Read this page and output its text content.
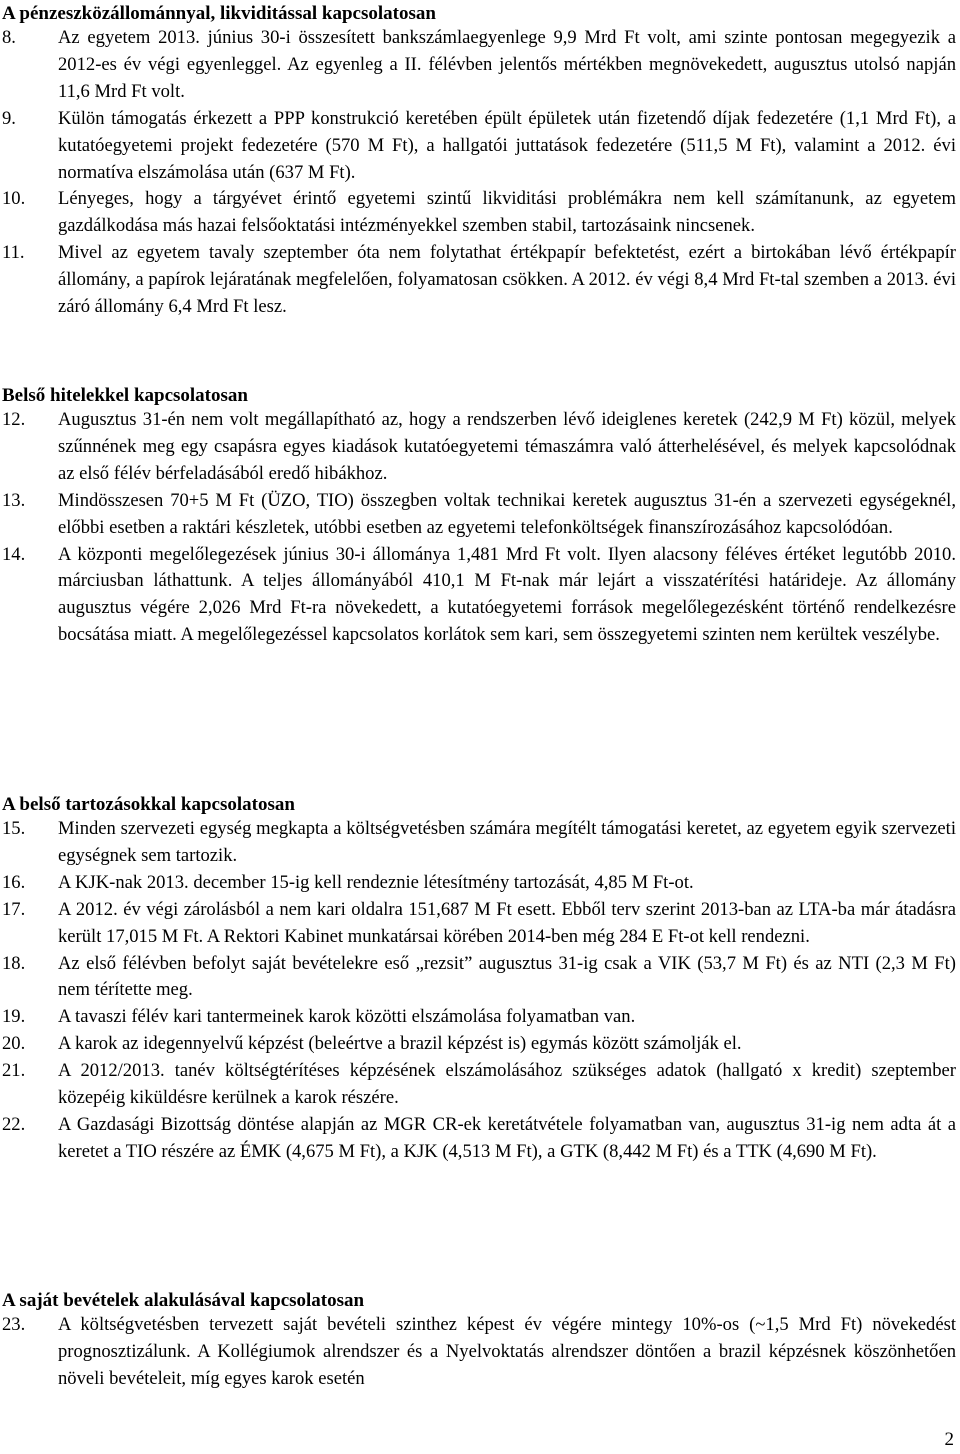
A pénzeszközállománnyal, likviditással kapcsolatosan
8.	Az egyetem 2013. június 30-i összesített bankszámlaegyenlege 9,9 Mrd Ft volt, ami szinte pontosan megegyezik a 2012-es év végi egyenleggel. Az egyenleg a II. félévben jelentős mértékben megnövekedett, augusztus utolsó napján 11,6 Mrd Ft volt.
9.	Külön támogatás érkezett a PPP konstrukció keretében épült épületek után fizetendő díjak fedezetére (1,1 Mrd Ft), a kutatóegyetemi projekt fedezetére (570 M Ft), a hallgatói juttatások fedezetére (511,5 M Ft), valamint a 2012. évi normatíva elszámolása után (637 M Ft).
10.	Lényeges, hogy a tárgyévet érintő egyetemi szintű likviditási problémákra nem kell számítanunk, az egyetem gazdálkodása más hazai felsőoktatási intézményekkel szemben stabil, tartozásaink nincsenek.
11.	Mivel az egyetem tavaly szeptember óta nem folytathat értékpapír befektetést, ezért a birtokában lévő értékpapír állomány, a papírok lejáratának megfelelően, folyamatosan csökken. A 2012. év végi 8,4 Mrd Ft-tal szemben a 2013. évi záró állomány 6,4 Mrd Ft lesz.
Belső hitelekkel kapcsolatosan
12.	Augusztus 31-én nem volt megállapítható az, hogy a rendszerben lévő ideiglenes keretek (242,9 M Ft) közül, melyek szűnnének meg egy csapásra egyes kiadások kutatóegyetemi témaszámra való átterhelésével, és melyek kapcsolódnak az első félév bérfeladásából eredő hibákhoz.
13.	Mindösszesen 70+5 M Ft (ÜZO, TIO) összegben voltak technikai keretek augusztus 31-én a szervezeti egységeknél, előbbi esetben a raktári készletek, utóbbi esetben az egyetemi telefonköltségek finanszírozásához kapcsolódóan.
14.	A központi megelőlegezések június 30-i állománya 1,481 Mrd Ft volt. Ilyen alacsony féléves értéket legutóbb 2010. márciusban láthattunk. A teljes állományából 410,1 M Ft-nak már lejárt a visszatérítési határideje. Az állomány augusztus végére 2,026 Mrd Ft-ra növekedett, a kutatóegyetemi források megelőlegezésként történő rendelkezésre bocsátása miatt. A megelőlegezéssel kapcsolatos korlátok sem kari, sem összegyetemi szinten nem kerültek veszélybe.
A belső tartozásokkal kapcsolatosan
15.	Minden szervezeti egység megkapta a költségvetésben számára megítélt támogatási keretet, az egyetem egyik szervezeti egységnek sem tartozik.
16.	A KJK-nak 2013. december 15-ig kell rendeznie létesítmény tartozását, 4,85 M Ft-ot.
17.	A 2012. év végi zárolásból a nem kari oldalra 151,687 M Ft esett. Ebből terv szerint 2013-ban az LTA-ba már átadásra került 17,015 M Ft. A Rektori Kabinet munkatársai körében 2014-ben még 284 E Ft-ot kell rendezni.
18.	Az első félévben befolyt saját bevételekre eső „rezsit” augusztus 31-ig csak a VIK (53,7 M Ft) és az NTI (2,3 M Ft) nem térítette meg.
19.	A tavaszi félév kari tantermeinek karok közötti elszámolása folyamatban van.
20.	A karok az idegennyelvű képzést (beleértve a brazil képzést is) egymás között számolják el.
21.	A 2012/2013. tanév költségtérítéses képzésének elszámolásához szükséges adatok (hallgató x kredit) szeptember közepéig kiküldésre kerülnek a karok részére.
22.	A Gazdasági Bizottság döntése alapján az MGR CR-ek keretátvétele folyamatban van, augusztus 31-ig nem adta át a keretet a TIO részére az ÉMK (4,675 M Ft), a KJK (4,513 M Ft), a GTK (8,442 M Ft) és a TTK (4,690 M Ft).
A saját bevételek alakulásával kapcsolatosan
23.	A költségvetésben tervezett saját bevételi szinthez képest év végére mintegy 10%-os (~1,5 Mrd Ft) növekedést prognosztizálunk. A Kollégiumok alrendszer és a Nyelvoktatás alrendszer döntően a brazil képzésnek köszönhetően növeli bevételeit, míg egyes karok esetén
2
